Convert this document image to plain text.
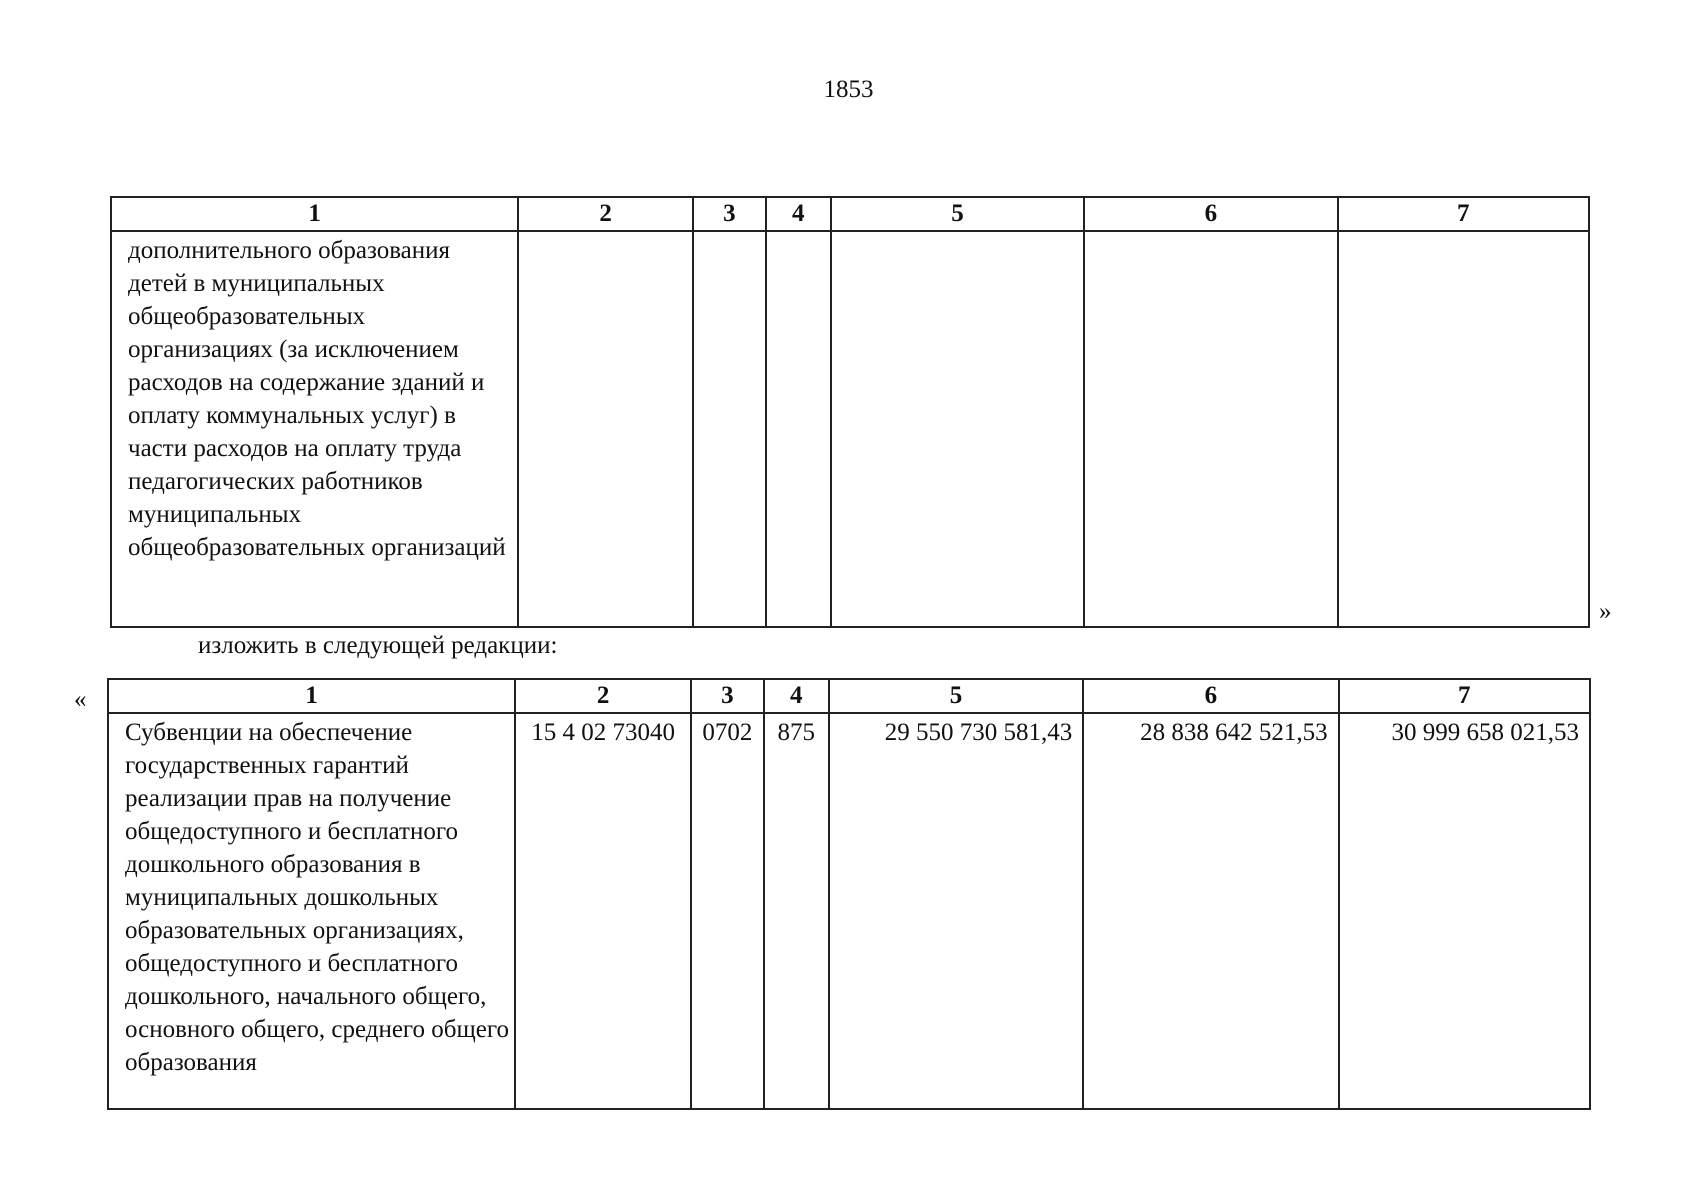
1853
1	2	3	4	5	6	7
дополнительного образования детей в муниципальных общеобразовательных организациях (за исключением расходов на содержание зданий и оплату коммунальных услуг) в части расходов на оплату труда педагогических работников муниципальных общеобразовательных организаций						
»
изложить в следующей редакции:
«	1	2	3	4	5	6	7
Субвенции на обеспечение государственных гарантий реализации прав на получение общедоступного и бесплатного дошкольного образования в муниципальных дошкольных образовательных организациях, общедоступного и бесплатного дошкольного, начального общего, основного общего, среднего общего образования	15 4 02 73040	0702	875	29 550 730 581,43	28 838 642 521,53	30 999 658 021,53
